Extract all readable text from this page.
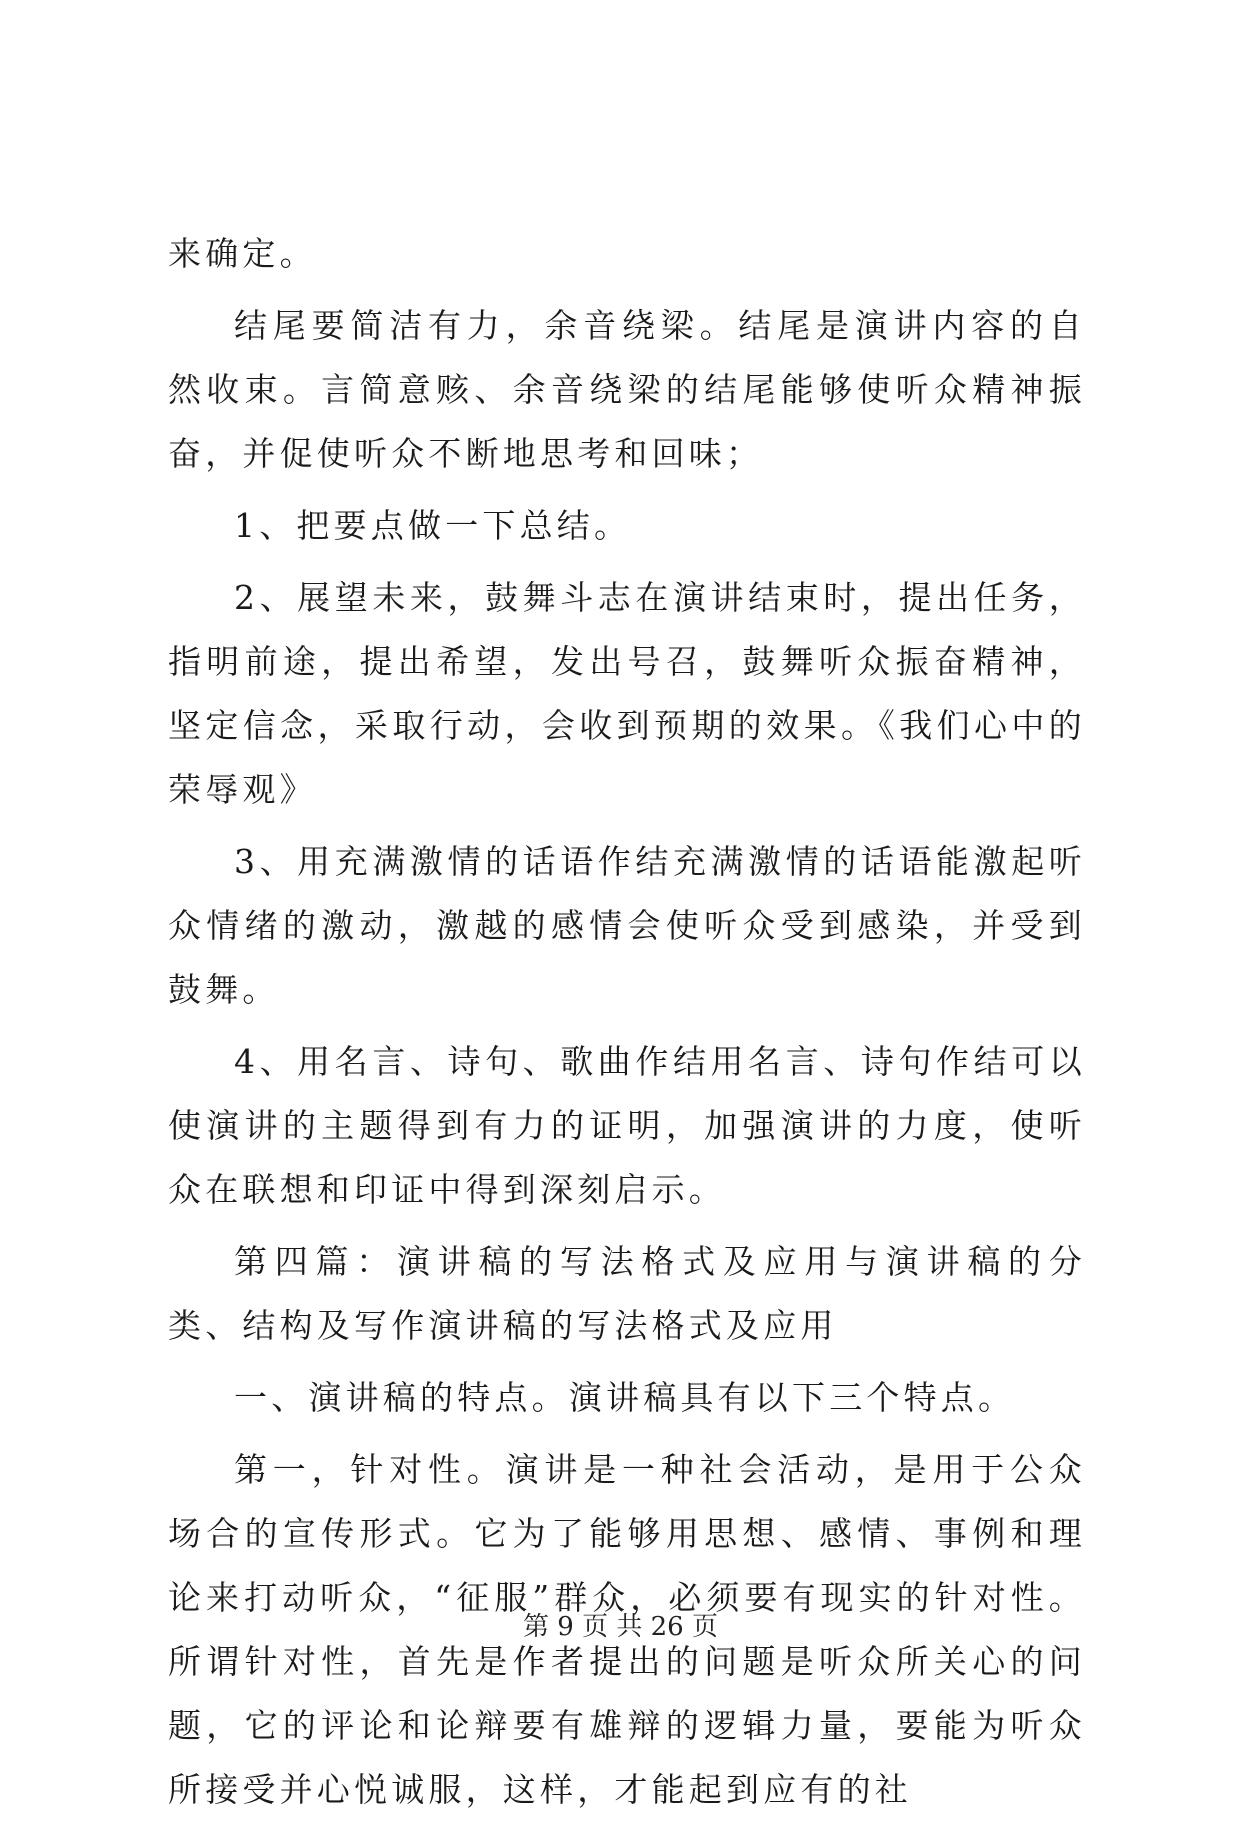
来确定。

结尾要简洁有力，余音绕梁。结尾是演讲内容的自然收束。言简意赅、余音绕梁的结尾能够使听众精神振奋，并促使听众不断地思考和回味；

1、把要点做一下总结。

2、展望未来，鼓舞斗志在演讲结束时，提出任务，指明前途，提出希望，发出号召，鼓舞听众振奋精神，坚定信念，采取行动，会收到预期的效果。《我们心中的荣辱观》

3、用充满激情的话语作结充满激情的话语能激起听众情绪的激动，激越的感情会使听众受到感染，并受到鼓舞。

4、用名言、诗句、歌曲作结用名言、诗句作结可以使演讲的主题得到有力的证明，加强演讲的力度，使听众在联想和印证中得到深刻启示。

第四篇：演讲稿的写法格式及应用与演讲稿的分类、结构及写作演讲稿的写法格式及应用

一、演讲稿的特点。演讲稿具有以下三个特点。

第一，针对性。演讲是一种社会活动，是用于公众场合的宣传形式。它为了能够用思想、感情、事例和理论来打动听众，“征服”群众，必须要有现实的针对性。所谓针对性，首先是作者提出的问题是听众所关心的问题，它的评论和论辩要有雄辩的逻辑力量，要能为听众所接受并心悦诚服，这样，才能起到应有的社

第 9 页 共 26 页
